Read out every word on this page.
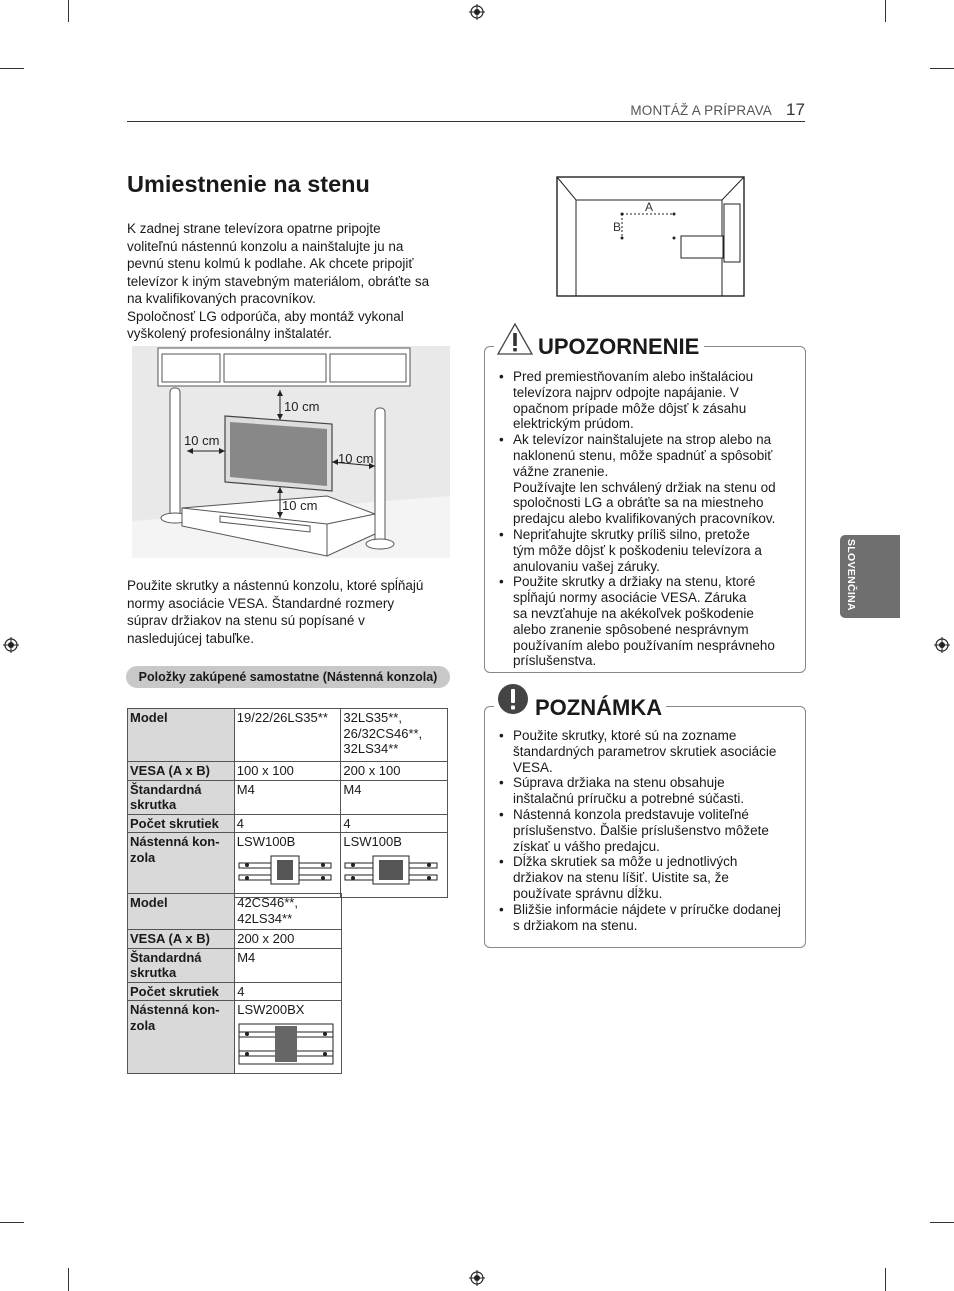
MONTÁŽ A PRÍPRAVA 17
SLOVENČINA
Umiestnenie na stenu

K zadnej strane televízora opatrne pripojte

voliteľnú nástennú konzolu a nainštalujte ju na

pevnú stenu kolmú k podlahe. Ak chcete pripojiť

televízor k iným stavebným materiálom, obráťte sa

na kvalifikovaných pracovníkov.

Spoločnosť LG odporúča, aby montáž vykonal

vyškolený profesionálny inštalatér.

10 cm
10 cm
10 cm
10 cm
Použite skrutky a nástennú konzolu, ktoré spĺňajú
normy asociácie VESA. Štandardné rozmery
súprav držiakov na stenu sú popísané v
nasledujúcej tabuľke.
Položky zakúpené samostatne (Nástenná konzola)
Model	19/22/26LS35**	32LS35**,
26/32CS46**,
32LS34**

VESA (A x B)	100 x 100	200 x 100

Štandardná
skrutka	M4	M4
Počet skrutiek	4	4

Nástenná kon-
zola	LSW100B	LSW100B
Model	42CS46**,
42LS34**

VESA (A x B)	200 x 200

Štandardná
skrutka	M4
Počet skrutiek	4

Nástenná kon-
zola	LSW200BX
A
B
• Pred premiestňovaním alebo inštaláciou
televízora najprv odpojte napájanie. V
opačnom prípade môže dôjsť k zásahu
elektrickým prúdom.
• Ak televízor nainštalujete na strop alebo na
naklonenú stenu, môže spadnúť a spôsobiť
vážne zranenie.
Používajte len schválený držiak na stenu od
spoločnosti LG a obráťte sa na miestneho
predajcu alebo kvalifikovaných pracovníkov.
• Nepriťahujte skrutky príliš silno, pretože
tým môže dôjsť k poškodeniu televízora a
anulovaniu vašej záruky.
• Použite skrutky a držiaky na stenu, ktoré
spĺňajú normy asociácie VESA. Záruka
sa nevzťahuje na akékoľvek poškodenie
alebo zranenie spôsobené nesprávnym
používaním alebo používaním nesprávneho
príslušenstva.
UPOZORNENIE
• Použite skrutky, ktoré sú na zozname
štandardných parametrov skrutiek asociácie
VESA.
• Súprava držiaka na stenu obsahuje
inštalačnú príručku a potrebné súčasti.
• Nástenná konzola predstavuje voliteľné
príslušenstvo. Ďalšie príslušenstvo môžete
získať u vášho predajcu.
• Dĺžka skrutiek sa môže u jednotlivých
držiakov na stenu líšiť. Uistite sa, že
používate správnu dĺžku.
• Bližšie informácie nájdete v príručke dodanej
s držiakom na stenu.
POZNÁMKA
